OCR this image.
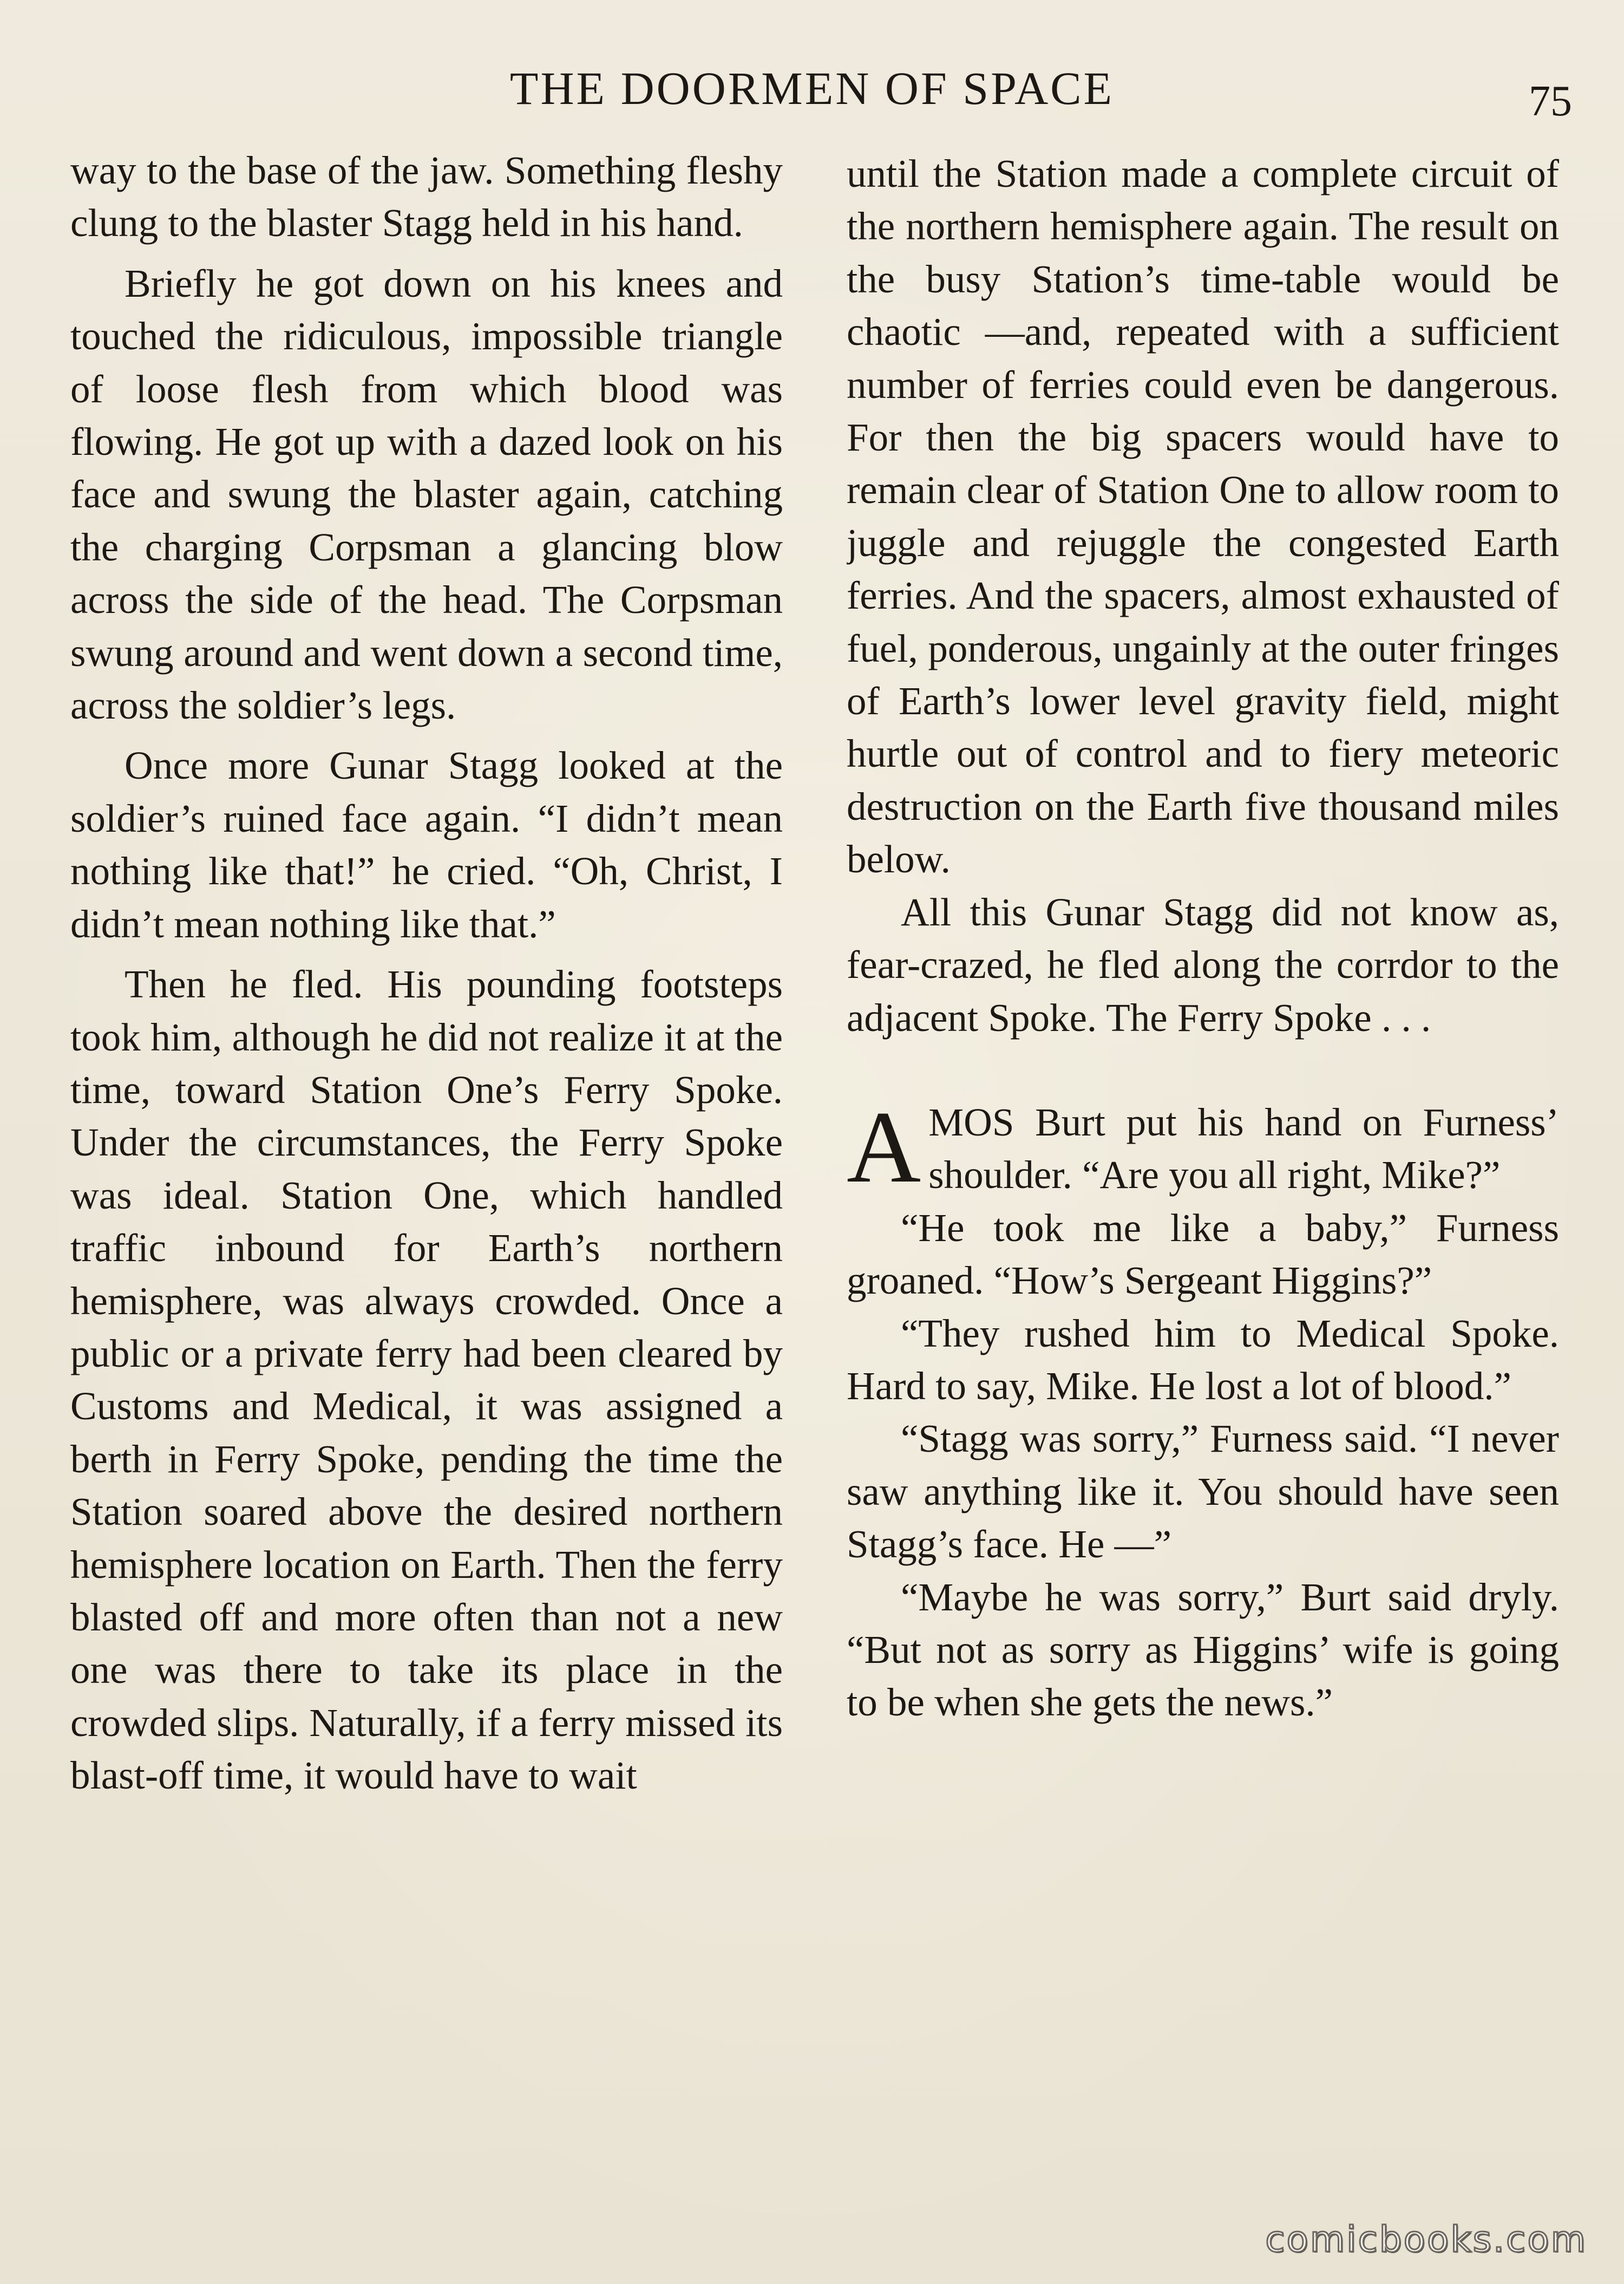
THE DOORMEN OF SPACE	75

way to the base of the jaw. Something fleshy clung to the blaster Stagg held in his hand.

Briefly he got down on his knees and touched the ridiculous, impossible triangle of loose flesh from which blood was flowing. He got up with a dazed look on his face and swung the blaster again, catching the charging Corpsman a glancing blow across the side of the head. The Corpsman swung around and went down a second time, across the soldier’s legs.

Once more Gunar Stagg looked at the soldier’s ruined face again. “I didn’t mean nothing like that!” he cried. “Oh, Christ, I didn’t mean nothing like that.”

Then he fled. His pounding footsteps took him, although he did not realize it at the time, toward Station One’s Ferry Spoke. Under the circumstances, the Ferry Spoke was ideal. Station One, which handled traffic inbound for Earth’s northern hemisphere, was always crowded. Once a public or a private ferry had been cleared by Customs and Medical, it was assigned a berth in Ferry Spoke, pending the time the Station soared above the desired northern hemisphere location on Earth. Then the ferry blasted off and more often than not a new one was there to take its place in the crowded slips. Naturally, if a ferry missed its blast-off time, it would have to wait

until the Station made a complete circuit of the northern hemisphere again. The result on the busy Station’s time-table would be chaotic —and, repeated with a sufficient number of ferries could even be dangerous. For then the big spacers would have to remain clear of Station One to allow room to juggle and rejuggle the congested Earth ferries. And the spacers, almost exhausted of fuel, ponderous, ungainly at the outer fringes of Earth’s lower level gravity field, might hurtle out of control and to fiery meteoric destruction on the Earth five thousand miles below.

All this Gunar Stagg did not know as, fear-crazed, he fled along the corrdor to the adjacent Spoke. The Ferry Spoke . . .

AMOS Burt put his hand on Furness’ shoulder. “Are you all right, Mike?”

“He took me like a baby,” Furness groaned. “How’s Sergeant Higgins?”

“They rushed him to Medical Spoke. Hard to say, Mike. He lost a lot of blood.”

“Stagg was sorry,” Furness said. “I never saw anything like it. You should have seen Stagg’s face. He —”

“Maybe he was sorry,” Burt said dryly. “But not as sorry as Higgins’ wife is going to be when she gets the news.”

comicbooks.com
